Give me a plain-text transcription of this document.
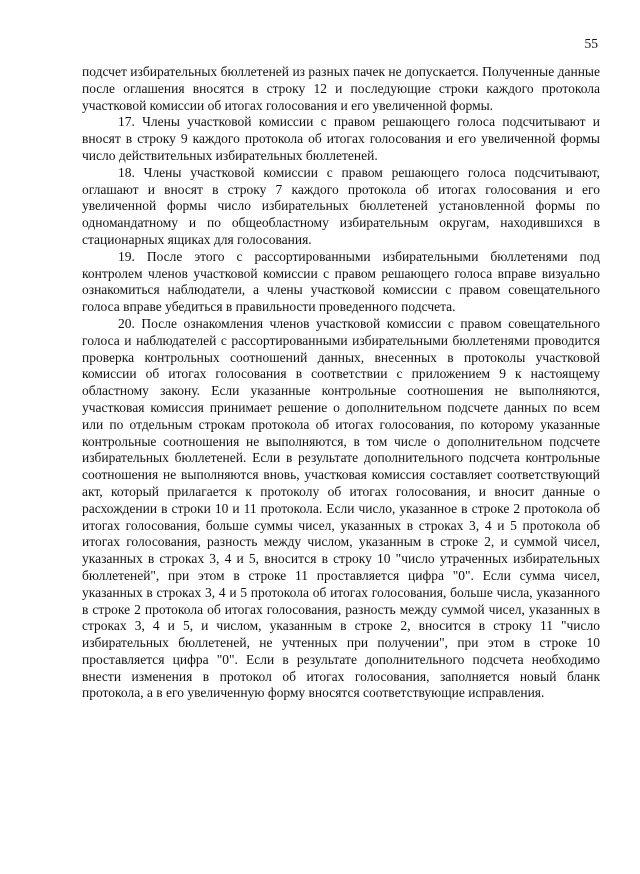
55

подсчет избирательных бюллетеней из разных пачек не допускается. Полученные данные после оглашения вносятся в строку 12 и последующие строки каждого протокола участковой комиссии об итогах голосования и его увеличенной формы.

17. Члены участковой комиссии с правом решающего голоса подсчитывают и вносят в строку 9 каждого протокола об итогах голосования и его увеличенной формы число действительных избирательных бюллетеней.

18. Члены участковой комиссии с правом решающего голоса подсчитывают, оглашают и вносят в строку 7 каждого протокола об итогах голосования и его увеличенной формы число избирательных бюллетеней установленной формы по одномандатному и по общеобластному избирательным округам, находившихся в стационарных ящиках для голосования.

19. После этого с рассортированными избирательными бюллетенями под контролем членов участковой комиссии с правом решающего голоса вправе визуально ознакомиться наблюдатели, а члены участковой комиссии с правом совещательного голоса вправе убедиться в правильности проведенного подсчета.

20. После ознакомления членов участковой комиссии с правом совещательного голоса и наблюдателей с рассортированными избирательными бюллетенями проводится проверка контрольных соотношений данных, внесенных в протоколы участковой комиссии об итогах голосования в соответствии с приложением 9 к настоящему областному закону. Если указанные контрольные соотношения не выполняются, участковая комиссия принимает решение о дополнительном подсчете данных по всем или по отдельным строкам протокола об итогах голосования, по которому указанные контрольные соотношения не выполняются, в том числе о дополнительном подсчете избирательных бюллетеней. Если в результате дополнительного подсчета контрольные соотношения не выполняются вновь, участковая комиссия составляет соответствующий акт, который прилагается к протоколу об итогах голосования, и вносит данные о расхождении в строки 10 и 11 протокола. Если число, указанное в строке 2 протокола об итогах голосования, больше суммы чисел, указанных в строках 3, 4 и 5 протокола об итогах голосования, разность между числом, указанным в строке 2, и суммой чисел, указанных в строках 3, 4 и 5, вносится в строку 10 "число утраченных избирательных бюллетеней", при этом в строке 11 проставляется цифра "0". Если сумма чисел, указанных в строках 3, 4 и 5 протокола об итогах голосования, больше числа, указанного в строке 2 протокола об итогах голосования, разность между суммой чисел, указанных в строках 3, 4 и 5, и числом, указанным в строке 2, вносится в строку 11 "число избирательных бюллетеней, не учтенных при получении", при этом в строке 10 проставляется цифра "0". Если в результате дополнительного подсчета необходимо внести изменения в протокол об итогах голосования, заполняется новый бланк протокола, а в его увеличенную форму вносятся соответствующие исправления.
